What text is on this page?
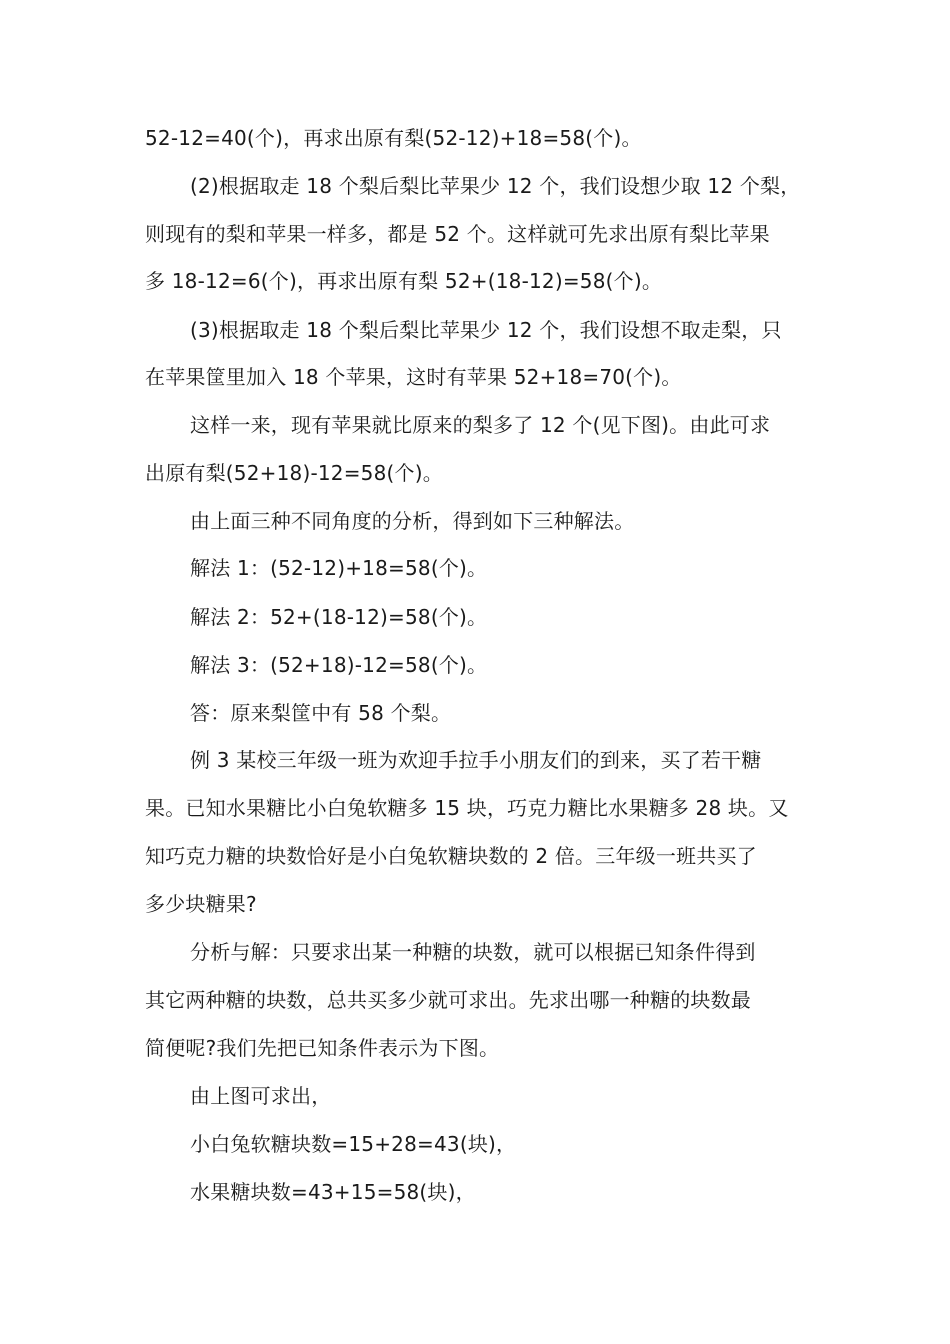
52-12=40(个)，再求出原有梨(52-12)+18=58(个)。

(2)根据取走 18 个梨后梨比苹果少 12 个，我们设想少取 12 个梨，

则现有的梨和苹果一样多，都是 52 个。这样就可先求出原有梨比苹果

多 18-12=6(个)，再求出原有梨 52+(18-12)=58(个)。

(3)根据取走 18 个梨后梨比苹果少 12 个，我们设想不取走梨，只

在苹果筐里加入 18 个苹果，这时有苹果 52+18=70(个)。

这样一来，现有苹果就比原来的梨多了 12 个(见下图)。由此可求

出原有梨(52+18)-12=58(个)。

由上面三种不同角度的分析，得到如下三种解法。

解法 1：(52-12)+18=58(个)。

解法 2：52+(18-12)=58(个)。

解法 3：(52+18)-12=58(个)。

答：原来梨筐中有 58 个梨。

例 3 某校三年级一班为欢迎手拉手小朋友们的到来，买了若干糖

果。已知水果糖比小白兔软糖多 15 块，巧克力糖比水果糖多 28 块。又

知巧克力糖的块数恰好是小白兔软糖块数的 2 倍。三年级一班共买了

多少块糖果?

分析与解：只要求出某一种糖的块数，就可以根据已知条件得到

其它两种糖的块数，总共买多少就可求出。先求出哪一种糖的块数最

简便呢?我们先把已知条件表示为下图。

由上图可求出，

小白兔软糖块数=15+28=43(块)，

水果糖块数=43+15=58(块)，
